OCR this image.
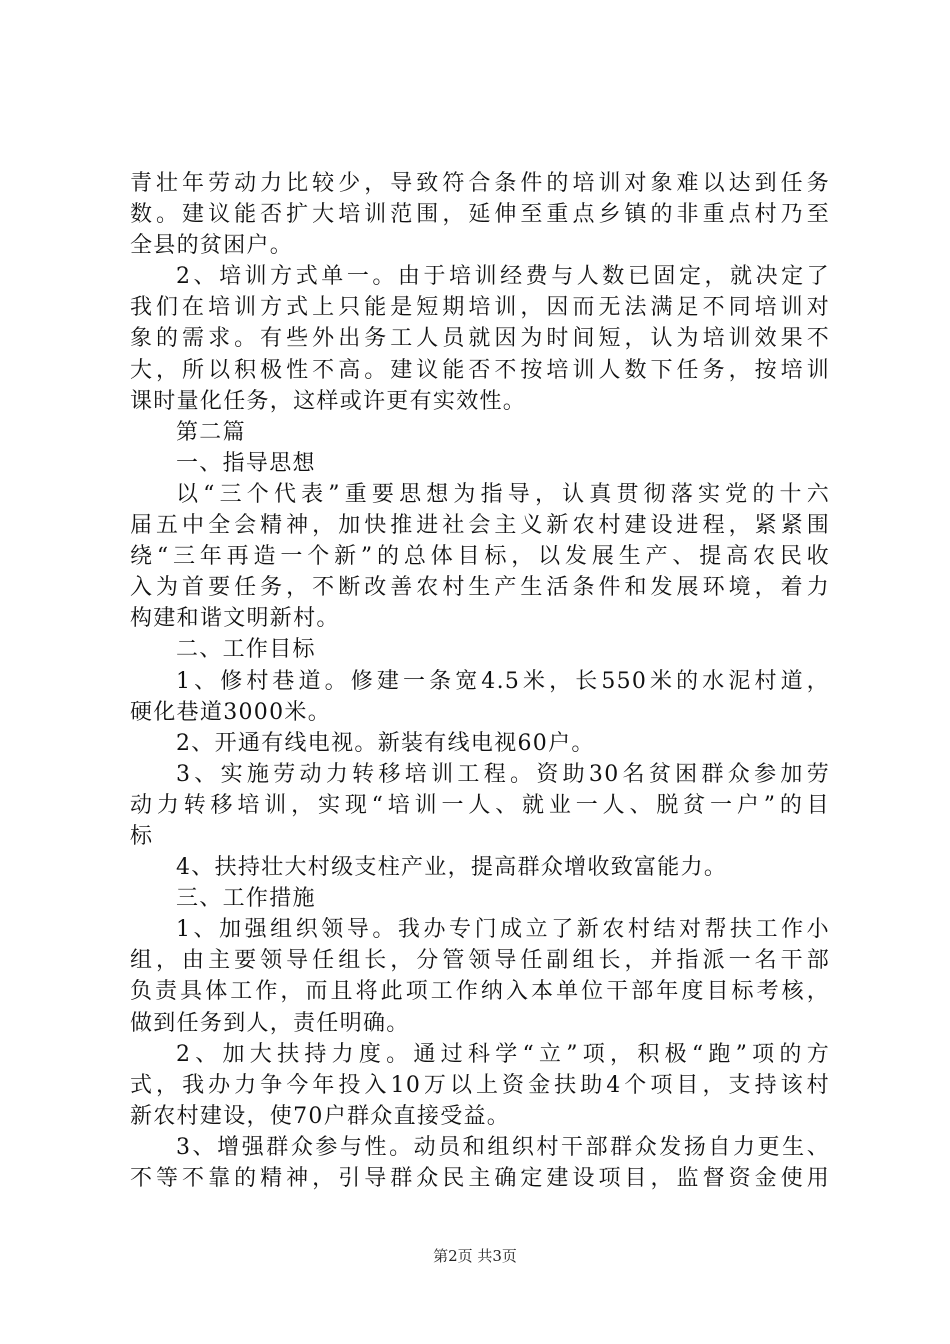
青壮年劳动力比较少，导致符合条件的培训对象难以达到任务
数。建议能否扩大培训范围，延伸至重点乡镇的非重点村乃至
全县的贫困户。
2、培训方式单一。由于培训经费与人数已固定，就决定了
我们在培训方式上只能是短期培训，因而无法满足不同培训对
象的需求。有些外出务工人员就因为时间短，认为培训效果不
大，所以积极性不高。建议能否不按培训人数下任务，按培训
课时量化任务，这样或许更有实效性。
第二篇
一、指导思想
以“三个代表”重要思想为指导，认真贯彻落实党的十六
届五中全会精神，加快推进社会主义新农村建设进程，紧紧围
绕“三年再造一个新”的总体目标，以发展生产、提高农民收
入为首要任务，不断改善农村生产生活条件和发展环境，着力
构建和谐文明新村。
二、工作目标
1、修村巷道。修建一条宽4.5米，长550米的水泥村道，
硬化巷道3000米。
2、开通有线电视。新装有线电视60户。
3、实施劳动力转移培训工程。资助30名贫困群众参加劳
动力转移培训，实现“培训一人、就业一人、脱贫一户”的目
标
4、扶持壮大村级支柱产业，提高群众增收致富能力。
三、工作措施
1、加强组织领导。我办专门成立了新农村结对帮扶工作小
组，由主要领导任组长，分管领导任副组长，并指派一名干部
负责具体工作，而且将此项工作纳入本单位干部年度目标考核，
做到任务到人，责任明确。
2、加大扶持力度。通过科学“立”项，积极“跑”项的方
式，我办力争今年投入10万以上资金扶助4个项目，支持该村
新农村建设，使70户群众直接受益。
3、增强群众参与性。动员和组织村干部群众发扬自力更生、
不等不靠的精神，引导群众民主确定建设项目，监督资金使用
第2页 共3页
